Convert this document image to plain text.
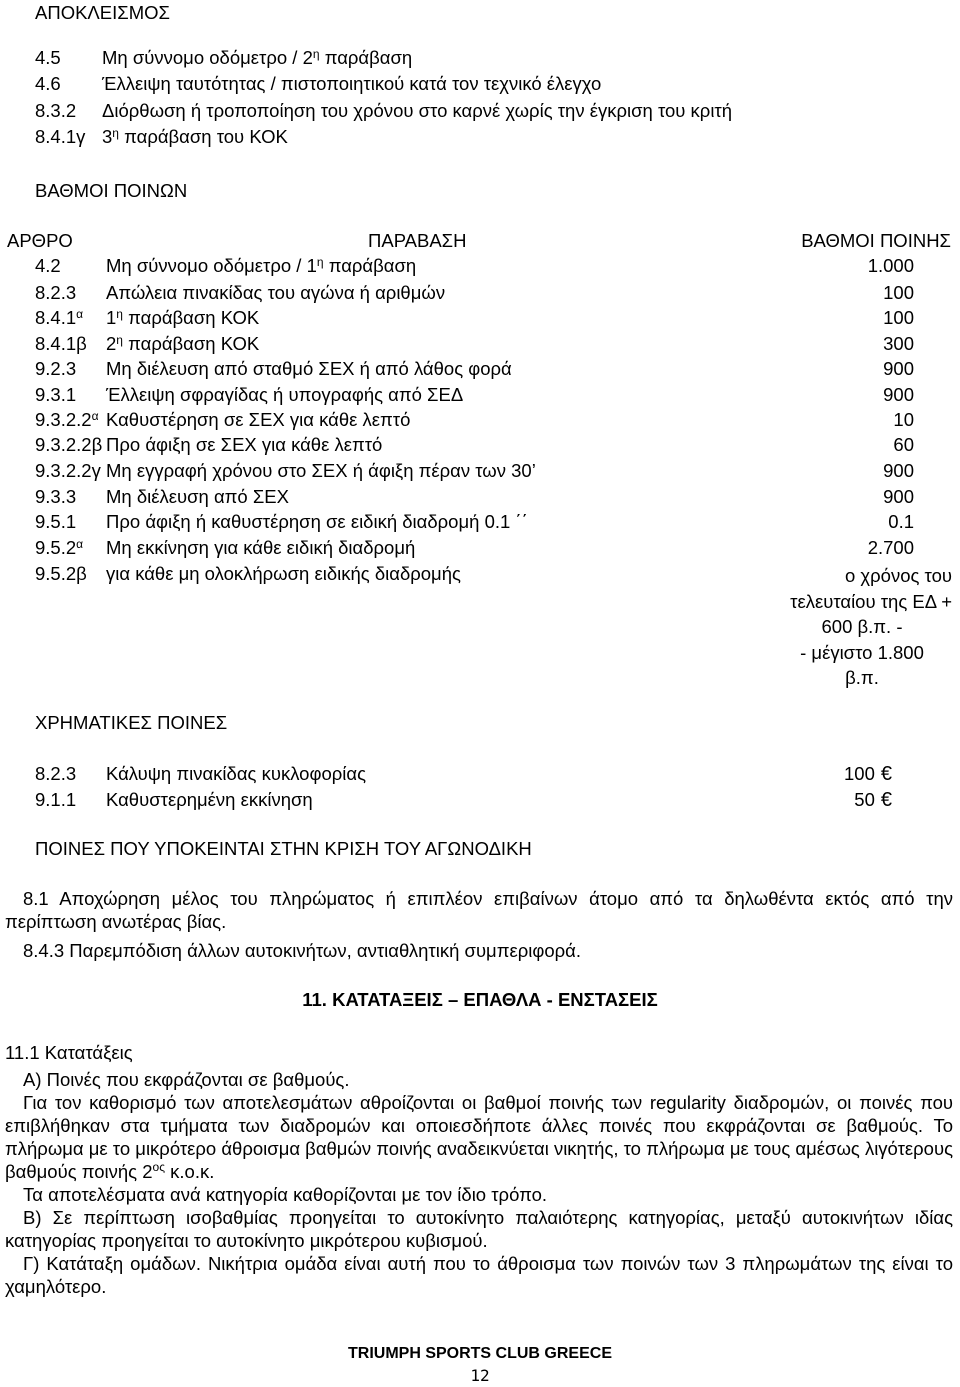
ΑΠΟΚΛΕΙΣΜΟΣ
4.5 Μη σύννομο οδόμετρο / $2^\eta$ παράβαση
4.6 Έλλειψη ταυτότητας / πιστοποιητικού κατά τον τεχνικό έλεγχο
8.3.2 Διόρθωση ή τροποποίηση του χρόνου στο καρνέ χωρίς την έγκριση του κριτή
8.4.1γ $3^\eta$ παράβαση του ΚΟΚ
ΒΑΘΜΟΙ ΠΟΙΝΩΝ
ΑΡΘΡΟ	ΠΑΡΑΒΑΣΗ	ΒΑΘΜΟΙ ΠΟΙΝΗΣ
4.2 Μη σύννομο οδόμετρο / $1^\eta$ παράβαση	1.000
8.2.3 Απώλεια πινακίδας του αγώνα ή αριθμών	100
$8.4.1^\alpha$ $1^\eta$ παράβαση ΚΟΚ	100
8.4.1β $2^\eta$ παράβαση ΚΟΚ	300
9.2.3 Μη διέλευση από σταθμό ΣΕΧ ή από λάθος φορά	900
9.3.1 Έλλειψη σφραγίδας ή υπογραφής από ΣΕΔ	900
$9.3.2.2^\alpha$ Καθυστέρηση σε ΣΕΧ για κάθε λεπτό	10
9.3.2.2β Προ άφιξη σε ΣΕΧ για κάθε λεπτό	60
9.3.2.2γ Μη εγγραφή χρόνου στο ΣΕΧ ή άφιξη πέραν των 30’	900
9.3.3 Μη διέλευση από ΣΕΧ	900
9.5.1 Προ άφιξη ή καθυστέρηση σε ειδική διαδρομή 0.1 ΄΄	0.1
$9.5.2^\alpha$ Μη εκκίνηση για κάθε ειδική διαδρομή	2.700
9.5.2β για κάθε μη ολοκλήρωση ειδικής διαδρομής	ο χρόνος του
τελευταίου της ΕΔ +
600 β.π. -
- μέγιστο 1.800
β.π.
ΧΡΗΜΑΤΙΚΕΣ ΠΟΙΝΕΣ
8.2.3 Κάλυψη πινακίδας κυκλοφορίας	100 €
9.1.1 Καθυστερημένη εκκίνηση	50 €
ΠΟΙΝΕΣ ΠΟΥ ΥΠΟΚΕΙΝΤΑΙ ΣΤΗΝ ΚΡΙΣΗ ΤΟΥ ΑΓΩΝΟΔΙΚΗ
8.1 Αποχώρηση μέλος του πληρώματος ή επιπλέον επιβαίνων άτομο από τα δηλωθέντα εκτός από την περίπτωση ανωτέρας βίας.
8.4.3 Παρεμπόδιση άλλων αυτοκινήτων, αντιαθλητική συμπεριφορά.
11. ΚΑΤΑΤΑΞΕΙΣ – ΕΠΑΘΛΑ - ΕΝΣΤΑΣΕΙΣ
11.1 Κατατάξεις
Α) Ποινές που εκφράζονται σε βαθμούς.
Για τον καθορισμό των αποτελεσμάτων αθροίζονται οι βαθμοί ποινής των regularity διαδρομών, οι ποινές που επιβλήθηκαν στα τμήματα των διαδρομών και οποιεσδήποτε άλλες ποινές που εκφράζονται σε βαθμούς. Το πλήρωμα με το μικρότερο άθροισμα βαθμών ποινής αναδεικνύεται νικητής, το πλήρωμα με τους αμέσως λιγότερους βαθμούς ποινής $2^{o\varsigma}$ κ.ο.κ.
Τα αποτελέσματα ανά κατηγορία καθορίζονται με τον ίδιο τρόπο.
Β) Σε περίπτωση ισοβαθμίας προηγείται το αυτοκίνητο παλαιότερης κατηγορίας, μεταξύ αυτοκινήτων ιδίας κατηγορίας προηγείται το αυτοκίνητο μικρότερου κυβισμού.
Γ) Κατάταξη ομάδων. Νικήτρια ομάδα είναι αυτή που το άθροισμα των ποινών των 3 πληρωμάτων της είναι το χαμηλότερο.
TRIUMPH SPORTS CLUB GREECE
12
